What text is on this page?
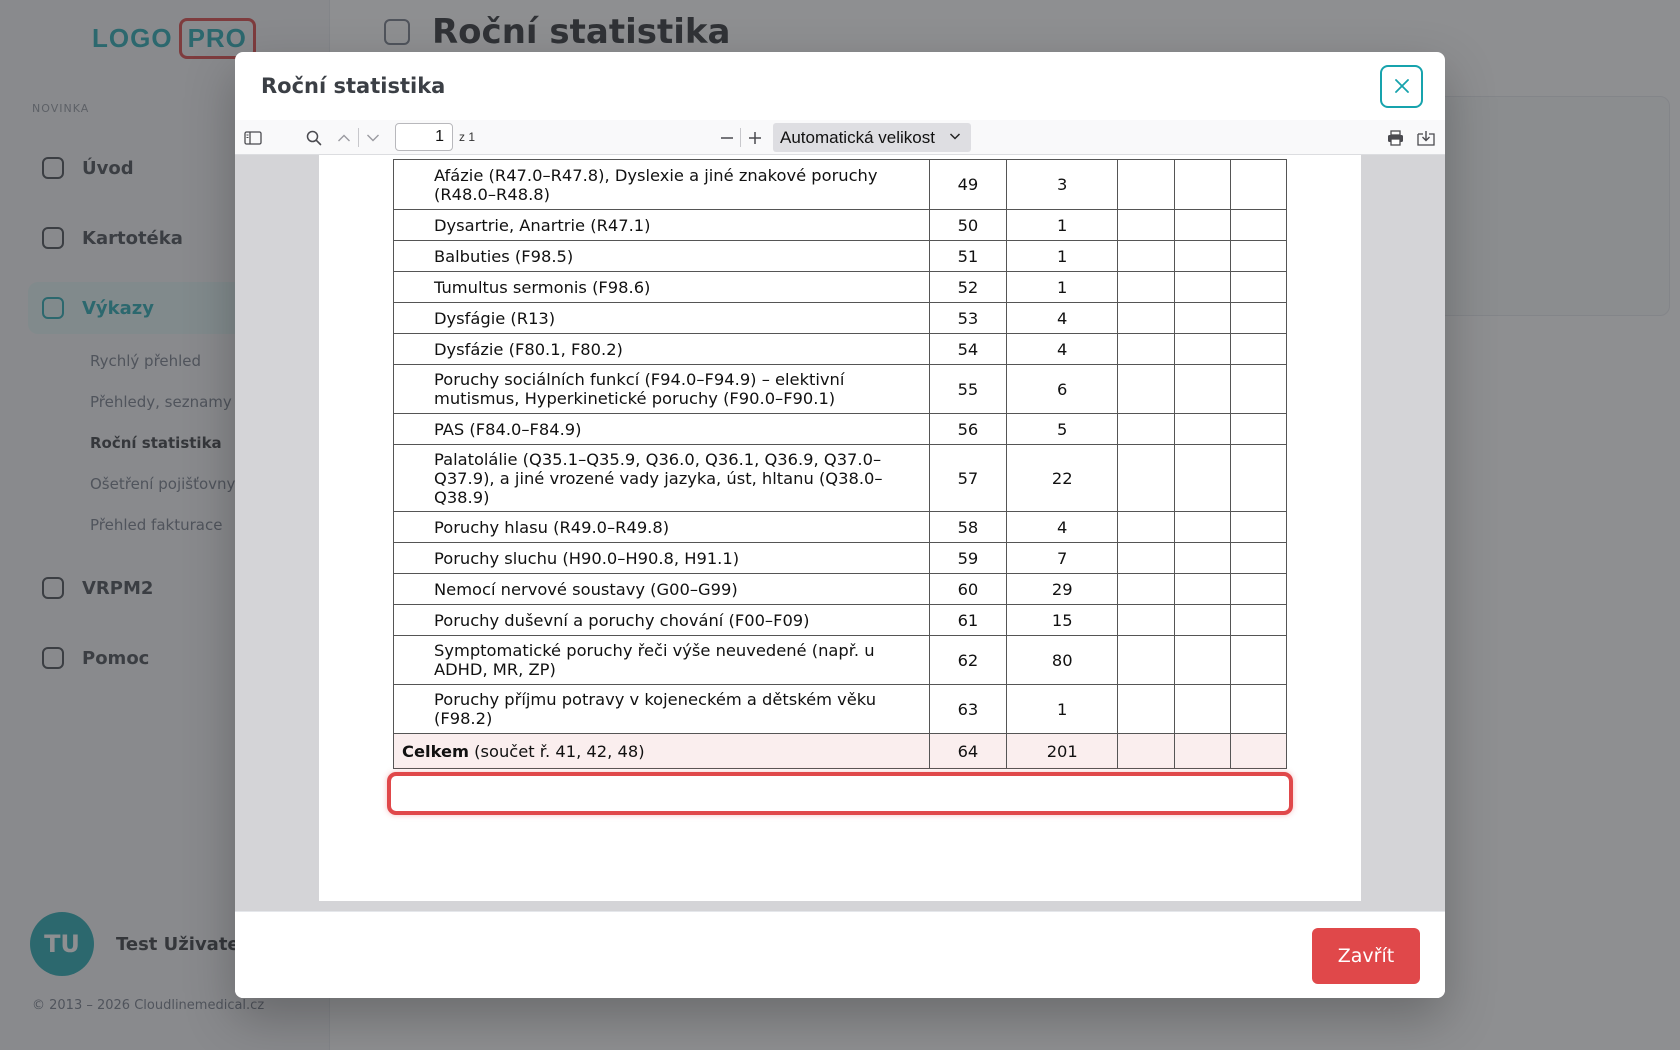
Roční statistika
1	z 1	Automatická velikost
Afázie (R47.0–R47.8), Dyslexie a jiné znakové poruchy (R48.0–R48.8)	49	3			
Dysartrie, Anartrie (R47.1)	50	1			
Balbuties (F98.5)	51	1			
Tumultus sermonis (F98.6)	52	1			
Dysfágie (R13)	53	4			
Dysfázie (F80.1, F80.2)	54	4			
Poruchy sociálních funkcí (F94.0–F94.9) – elektivní mutismus, Hyperkinetické poruchy (F90.0–F90.1)	55	6			
PAS (F84.0–F84.9)	56	5			
Palatolálie (Q35.1–Q35.9, Q36.0, Q36.1, Q36.9, Q37.0–Q37.9), a jiné vrozené vady jazyka, úst, hltanu (Q38.0–Q38.9)	57	22			
Poruchy hlasu (R49.0–R49.8)	58	4			
Poruchy sluchu (H90.0–H90.8, H91.1)	59	7			
Nemocí nervové soustavy (G00–G99)	60	29			
Poruchy duševní a poruchy chování (F00–F09)	61	15			
Symptomatické poruchy řeči výše neuvedené (např. u ADHD, MR, ZP)	62	80			
Poruchy příjmu potravy v kojeneckém a dětském věku (F98.2)	63	1			
Celkem (součet ř. 41, 42, 48)	64	201			
Zavřít
